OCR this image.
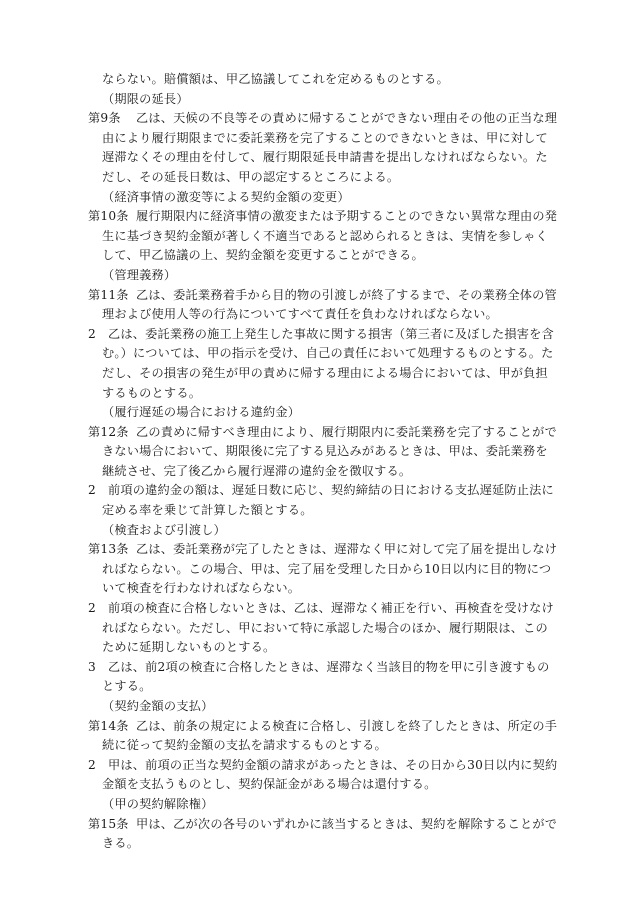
ならない。賠償額は、甲乙協議してこれを定めるものとする。
（期限の延長）
第9条 乙は、天候の不良等その責めに帰することができない理由その他の正当な理由により履行期限までに委託業務を完了することのできないときは、甲に対して遅滞なくその理由を付して、履行期限延長申請書を提出しなければならない。ただし、その延長日数は、甲の認定するところによる。
（経済事情の激変等による契約金額の変更）
第10条 履行期限内に経済事情の激変または予期することのできない異常な理由の発生に基づき契約金額が著しく不適当であると認められるときは、実情を参しゃくして、甲乙協議の上、契約金額を変更することができる。
（管理義務）
第11条 乙は、委託業務着手から目的物の引渡しが終了するまで、その業務全体の管理および使用人等の行為についてすべて責任を負わなければならない。
2 乙は、委託業務の施工上発生した事故に関する損害（第三者に及ぼした損害を含む。）については、甲の指示を受け、自己の責任において処理するものとする。ただし、その損害の発生が甲の責めに帰する理由による場合においては、甲が負担するものとする。
（履行遅延の場合における違約金）
第12条 乙の責めに帰すべき理由により、履行期限内に委託業務を完了することができない場合において、期限後に完了する見込みがあるときは、甲は、委託業務を継続させ、完了後乙から履行遅滞の違約金を徴収する。
2 前項の違約金の額は、遅延日数に応じ、契約締結の日における支払遅延防止法に定める率を乗じて計算した額とする。
（検査および引渡し）
第13条 乙は、委託業務が完了したときは、遅滞なく甲に対して完了届を提出しなければならない。この場合、甲は、完了届を受理した日から10日以内に目的物について検査を行わなければならない。
2 前項の検査に合格しないときは、乙は、遅滞なく補正を行い、再検査を受けなければならない。ただし、甲において特に承認した場合のほか、履行期限は、このために延期しないものとする。
3 乙は、前2項の検査に合格したときは、遅滞なく当該目的物を甲に引き渡すものとする。
（契約金額の支払）
第14条 乙は、前条の規定による検査に合格し、引渡しを終了したときは、所定の手続に従って契約金額の支払を請求するものとする。
2 甲は、前項の正当な契約金額の請求があったときは、その日から30日以内に契約金額を支払うものとし、契約保証金がある場合は還付する。
（甲の契約解除権）
第15条 甲は、乙が次の各号のいずれかに該当するときは、契約を解除することができる。
